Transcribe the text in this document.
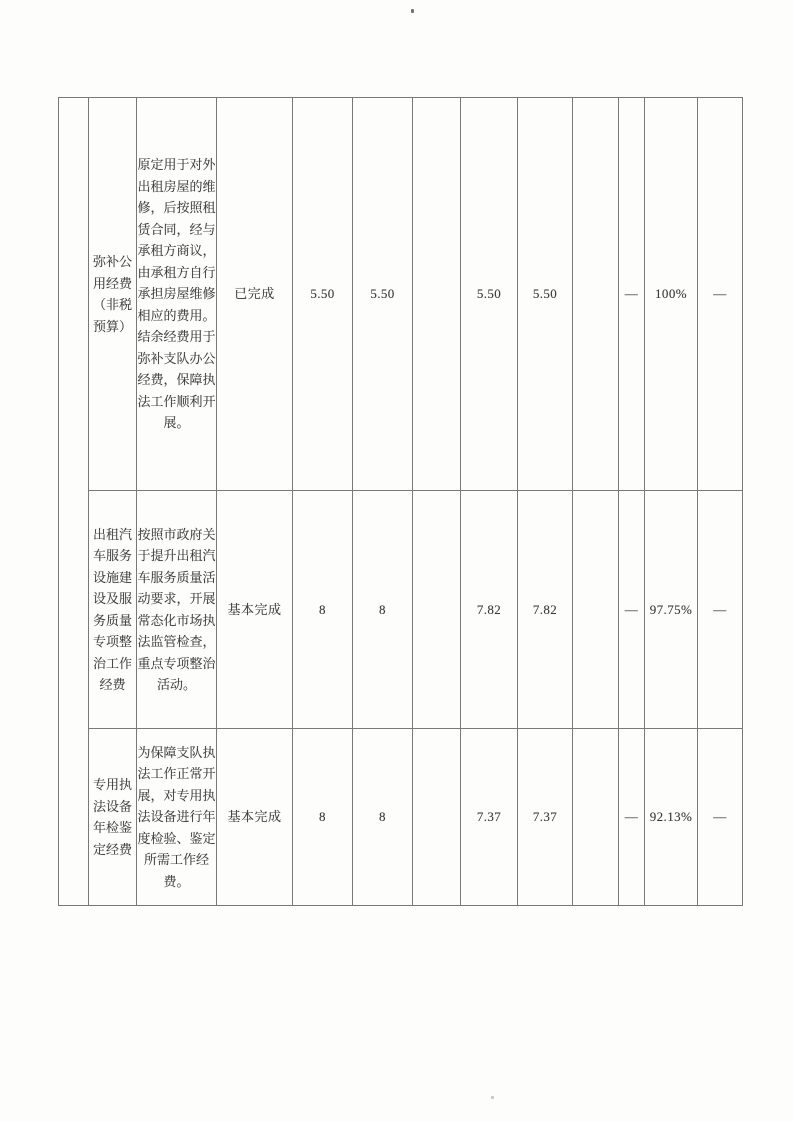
	弥补公用经费（非税预算）	原定用于对外出租房屋的维修，后按照租赁合同，经与承租方商议，由承租方自行承担房屋维修相应的费用。结余经费用于弥补支队办公经费，保障执法工作顺利开展。	已完成	5.50	5.50		5.50	5.50		—	100%	—
	出租汽车服务设施建设及服务质量专项整治工作经费	按照市政府关于提升出租汽车服务质量活动要求，开展常态化市场执法监管检查，重点专项整治活动。	基本完成	8	8		7.82	7.82		—	97.75%	—
	专用执法设备年检鉴定经费	为保障支队执法工作正常开展，对专用执法设备进行年度检验、鉴定所需工作经费。	基本完成	8	8		7.37	7.37		—	92.13%	—
